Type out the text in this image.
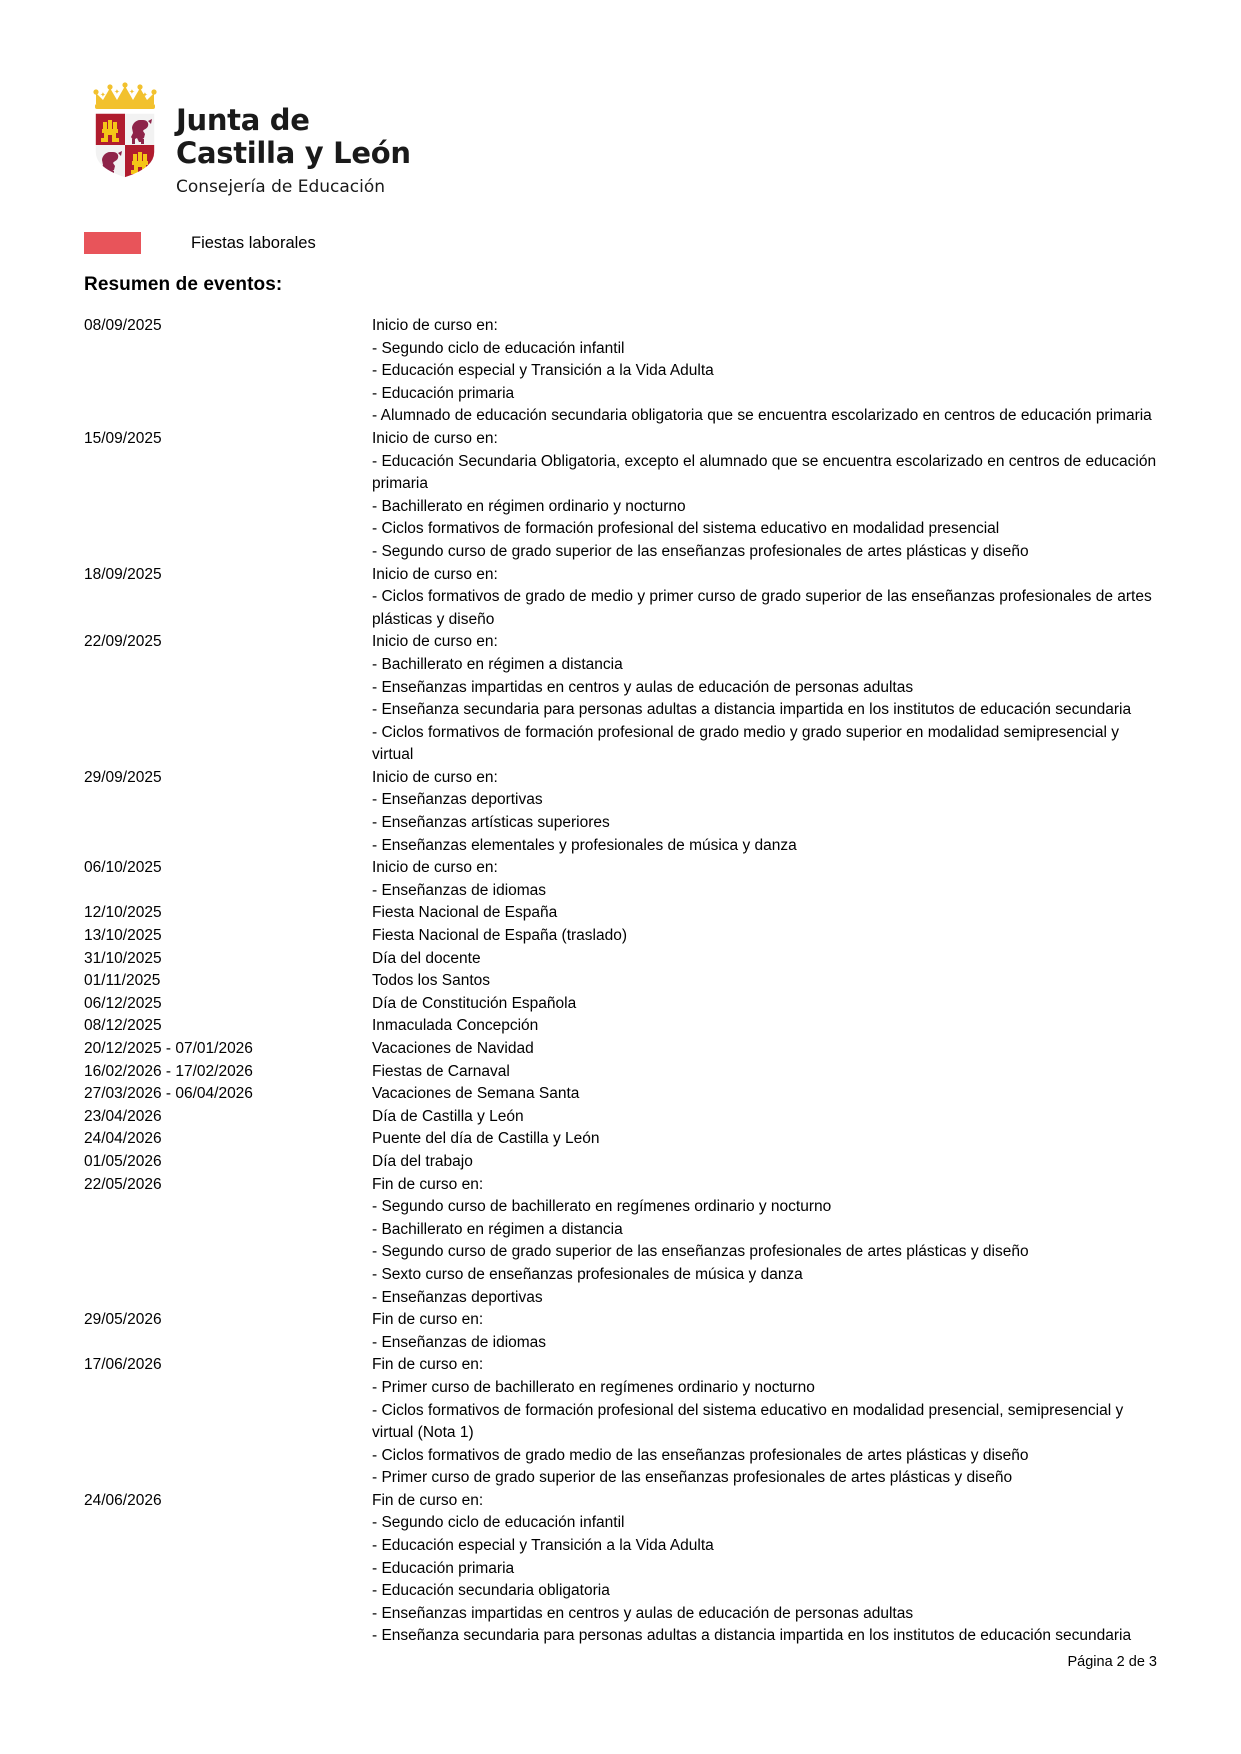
✦ ✦ ✦ ✦
Junta de
Castilla y León
Consejería de Educación
Fiestas laborales
Resumen de eventos:
08/09/2025	Inicio de curso en:
- Segundo ciclo de educación infantil
- Educación especial y Transición a la Vida Adulta
- Educación primaria
- Alumnado de educación secundaria obligatoria que se encuentra escolarizado en centros de educación primaria
15/09/2025	Inicio de curso en:
- Educación Secundaria Obligatoria, excepto el alumnado que se encuentra escolarizado en centros de educación primaria
- Bachillerato en régimen ordinario y nocturno
- Ciclos formativos de formación profesional del sistema educativo en modalidad presencial
- Segundo curso de grado superior de las enseñanzas profesionales de artes plásticas y diseño
18/09/2025	Inicio de curso en:
- Ciclos formativos de grado de medio y primer curso de grado superior de las enseñanzas profesionales de artes plásticas y diseño
22/09/2025	Inicio de curso en:
- Bachillerato en régimen a distancia
- Enseñanzas impartidas en centros y aulas de educación de personas adultas
- Enseñanza secundaria para personas adultas a distancia impartida en los institutos de educación secundaria
- Ciclos formativos de formación profesional de grado medio y grado superior en modalidad semipresencial y virtual
29/09/2025	Inicio de curso en:
- Enseñanzas deportivas
- Enseñanzas artísticas superiores
- Enseñanzas elementales y profesionales de música y danza
06/10/2025	Inicio de curso en:
- Enseñanzas de idiomas
12/10/2025	Fiesta Nacional de España
13/10/2025	Fiesta Nacional de España (traslado)
31/10/2025	Día del docente
01/11/2025	Todos los Santos
06/12/2025	Día de Constitución Española
08/12/2025	Inmaculada Concepción
20/12/2025 - 07/01/2026	Vacaciones de Navidad
16/02/2026 - 17/02/2026	Fiestas de Carnaval
27/03/2026 - 06/04/2026	Vacaciones de Semana Santa
23/04/2026	Día de Castilla y León
24/04/2026	Puente del día de Castilla y León
01/05/2026	Día del trabajo
22/05/2026	Fin de curso en:
- Segundo curso de bachillerato en regímenes ordinario y nocturno
- Bachillerato en régimen a distancia
- Segundo curso de grado superior de las enseñanzas profesionales de artes plásticas y diseño
- Sexto curso de enseñanzas profesionales de música y danza
- Enseñanzas deportivas
29/05/2026	Fin de curso en:
- Enseñanzas de idiomas
17/06/2026	Fin de curso en:
- Primer curso de bachillerato en regímenes ordinario y nocturno
- Ciclos formativos de formación profesional del sistema educativo en modalidad presencial, semipresencial y virtual (Nota 1)
- Ciclos formativos de grado medio de las enseñanzas profesionales de artes plásticas y diseño
- Primer curso de grado superior de las enseñanzas profesionales de artes plásticas y diseño
24/06/2026	Fin de curso en:
- Segundo ciclo de educación infantil
- Educación especial y Transición a la Vida Adulta
- Educación primaria
- Educación secundaria obligatoria
- Enseñanzas impartidas en centros y aulas de educación de personas adultas
- Enseñanza secundaria para personas adultas a distancia impartida en los institutos de educación secundaria
Página 2 de 3
